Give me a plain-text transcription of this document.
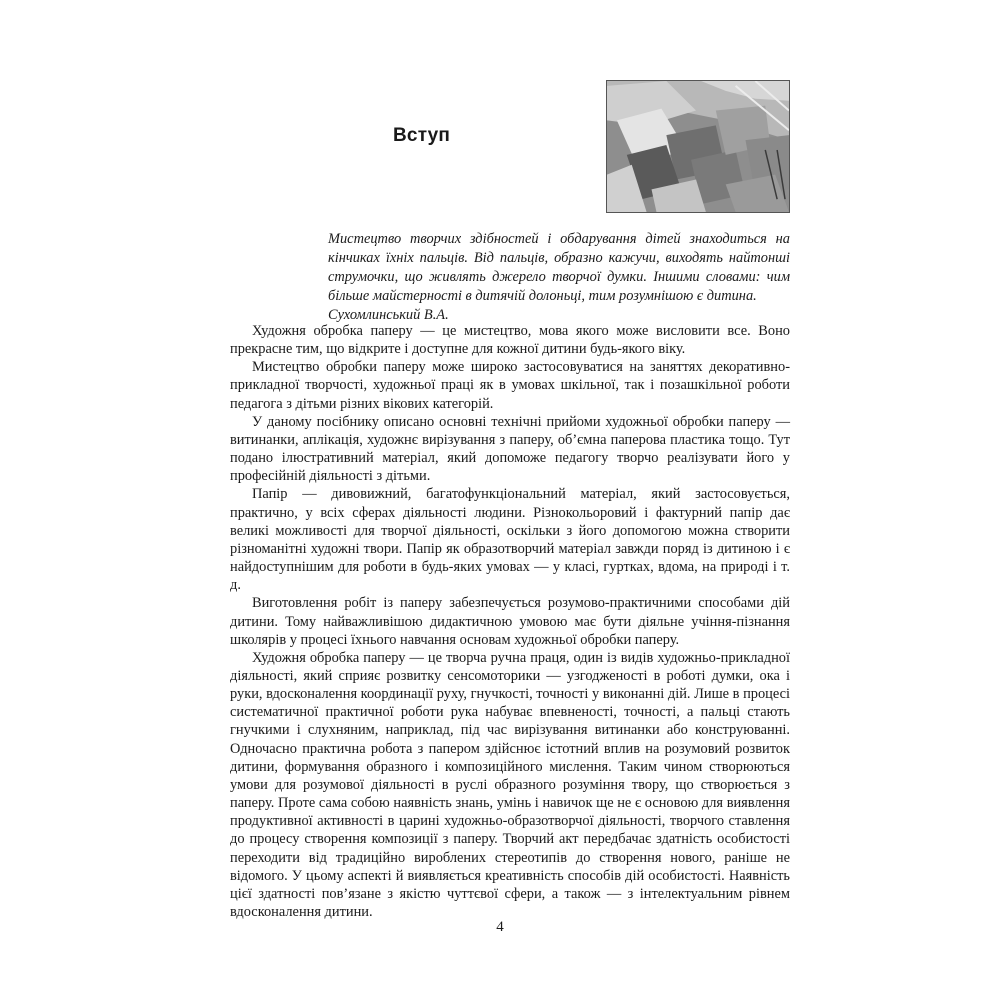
Вступ

Мистецтво творчих здібностей і обдарування дітей знаходиться на кінчиках їхніх пальців. Від пальців, образно кажучи, виходять найтонші струмочки, що живлять джерело творчої думки. Іншими словами: чим більше майстерності в дитячій долоньці, тим розумнішою є дитина.

Сухомлинський В.А.

Художня обробка паперу — це мистецтво, мова якого може висловити все. Воно прекрасне тим, що відкрите і доступне для кожної дитини будь-якого віку.

Мистецтво обробки паперу може широко застосовуватися на заняттях декоративно-прикладної творчості, художньої праці як в умовах шкільної, так і позашкільної роботи педагога з дітьми різних вікових категорій.

У даному посібнику описано основні технічні прийоми художньої обробки паперу — витинанки, аплікація, художнє вирізування з паперу, об’ємна паперова пластика тощо. Тут подано ілюстративний матеріал, який допоможе педагогу творчо реалізувати його у професійній діяльності з дітьми.

Папір — дивовижний, багатофункціональний матеріал, який застосовується, практично, у всіх сферах діяльності людини. Різнокольоровий і фактурний папір дає великі можливості для творчої діяльності, оскільки з його допомогою можна створити різноманітні художні твори. Папір як образотворчий матеріал завжди поряд із дитиною і є найдоступнішим для роботи в будь-яких умовах — у класі, гуртках, вдома, на природі і т. д.

Виготовлення робіт із паперу забезпечується розумово-практичними способами дій дитини. Тому найважливішою дидактичною умовою має бути діяльне учіння-пізнання школярів у процесі їхнього навчання основам художньої обробки паперу.

Художня обробка паперу — це творча ручна праця, один із видів художньо-прикладної діяльності, який сприяє розвитку сенсомоторики — узгодженості в роботі думки, ока і руки, вдосконалення координації руху, гнучкості, точності у виконанні дій. Лише в процесі систематичної практичної роботи рука набуває впевненості, точності, а пальці стають гнучкими і слухняним, наприклад, під час вирізування витинанки або конструюванні. Одночасно практична робота з папером здійснює істотний вплив на розумовий розвиток дитини, формування образного і композиційного мислення. Таким чином створюються умови для розумової діяльності в руслі образного розуміння твору, що створюється з паперу. Проте сама собою наявність знань, умінь і навичок ще не є основою для виявлення продуктивної активності в царині художньо-образотворчої діяльності, творчого ставлення до процесу створення композиції з паперу. Творчий акт передбачає здатність особистості переходити від традиційно вироблених стереотипів до створення нового, раніше не відомого. У цьому аспекті й виявляється креативність способів дій особистості. Наявність цієї здатності пов’язане з якістю чуттєвої сфери, а також — з інтелектуальним рівнем вдосконалення дитини.

4
